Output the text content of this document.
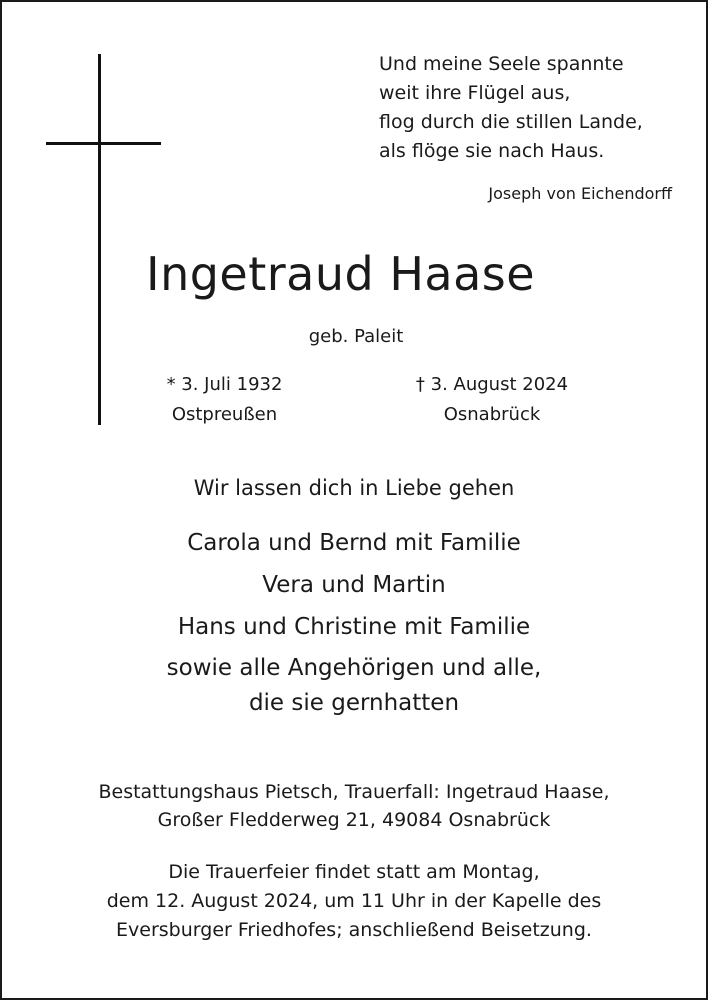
Und meine Seele spannte
weit ihre Flügel aus,
flog durch die stillen Lande,
als flöge sie nach Haus.
Joseph von Eichendorff
Ingetraud Haase
geb. Paleit
* 3. Juli 1932
Ostpreußen
† 3. August 2024
Osnabrück
Wir lassen dich in Liebe gehen
Carola und Bernd mit Familie
Vera und Martin
Hans und Christine mit Familie
sowie alle Angehörigen und alle,
die sie gernhatten
Bestattungshaus Pietsch, Trauerfall: Ingetraud Haase,
Großer Fledderweg 21, 49084 Osnabrück
Die Trauerfeier findet statt am Montag,
dem 12. August 2024, um 11 Uhr in der Kapelle des
Eversburger Friedhofes; anschließend Beisetzung.
